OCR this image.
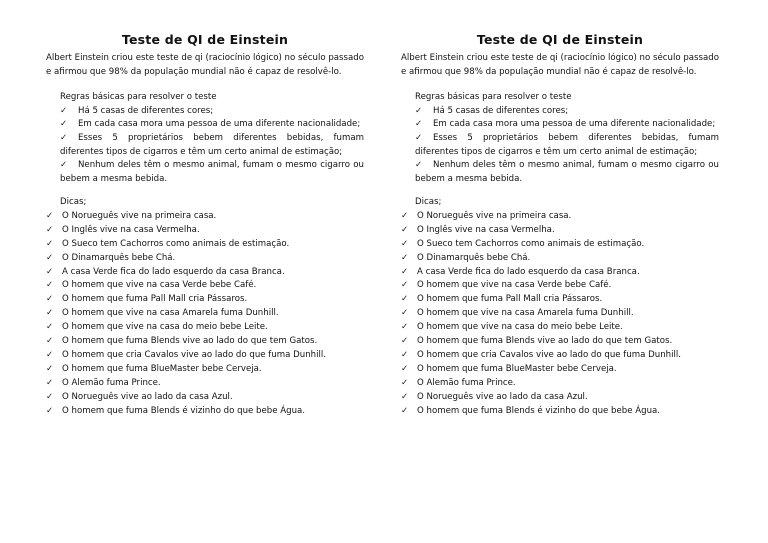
Teste de QI de Einstein

Albert Einstein criou este teste de qi (raciocínio lógico) no século passado e afirmou que 98% da população mundial não é capaz de resolvê-lo.

Regras básicas para resolver o teste
✓ Há 5 casas de diferentes cores;
✓ Em cada casa mora uma pessoa de uma diferente nacionalidade;
✓ Esses 5 proprietários bebem diferentes bebidas, fumam diferentes tipos de cigarros e têm um certo animal de estimação;
✓ Nenhum deles têm o mesmo animal, fumam o mesmo cigarro ou bebem a mesma bebida.
Dicas;
✓	O Norueguês vive na primeira casa.
✓	O Inglês vive na casa Vermelha.
✓	O Sueco tem Cachorros como animais de estimação.
✓	O Dinamarquês bebe Chá.
✓	A casa Verde fica do lado esquerdo da casa Branca.
✓	O homem que vive na casa Verde bebe Café.
✓	O homem que fuma Pall Mall cria Pássaros.
✓	O homem que vive na casa Amarela fuma Dunhill.
✓	O homem que vive na casa do meio bebe Leite.
✓	O homem que fuma Blends vive ao lado do que tem Gatos.
✓	O homem que cria Cavalos vive ao lado do que fuma Dunhill.
✓	O homem que fuma BlueMaster bebe Cerveja.
✓	O Alemão fuma Prince.
✓	O Norueguês vive ao lado da casa Azul.
✓	O homem que fuma Blends é vizinho do que bebe Água.
Teste de QI de Einstein

Albert Einstein criou este teste de qi (raciocínio lógico) no século passado e afirmou que 98% da população mundial não é capaz de resolvê-lo.

Regras básicas para resolver o teste
✓ Há 5 casas de diferentes cores;
✓ Em cada casa mora uma pessoa de uma diferente nacionalidade;
✓ Esses 5 proprietários bebem diferentes bebidas, fumam diferentes tipos de cigarros e têm um certo animal de estimação;
✓ Nenhum deles têm o mesmo animal, fumam o mesmo cigarro ou bebem a mesma bebida.
Dicas;
✓	O Norueguês vive na primeira casa.
✓	O Inglês vive na casa Vermelha.
✓	O Sueco tem Cachorros como animais de estimação.
✓	O Dinamarquês bebe Chá.
✓	A casa Verde fica do lado esquerdo da casa Branca.
✓	O homem que vive na casa Verde bebe Café.
✓	O homem que fuma Pall Mall cria Pássaros.
✓	O homem que vive na casa Amarela fuma Dunhill.
✓	O homem que vive na casa do meio bebe Leite.
✓	O homem que fuma Blends vive ao lado do que tem Gatos.
✓	O homem que cria Cavalos vive ao lado do que fuma Dunhill.
✓	O homem que fuma BlueMaster bebe Cerveja.
✓	O Alemão fuma Prince.
✓	O Norueguês vive ao lado da casa Azul.
✓	O homem que fuma Blends é vizinho do que bebe Água.
